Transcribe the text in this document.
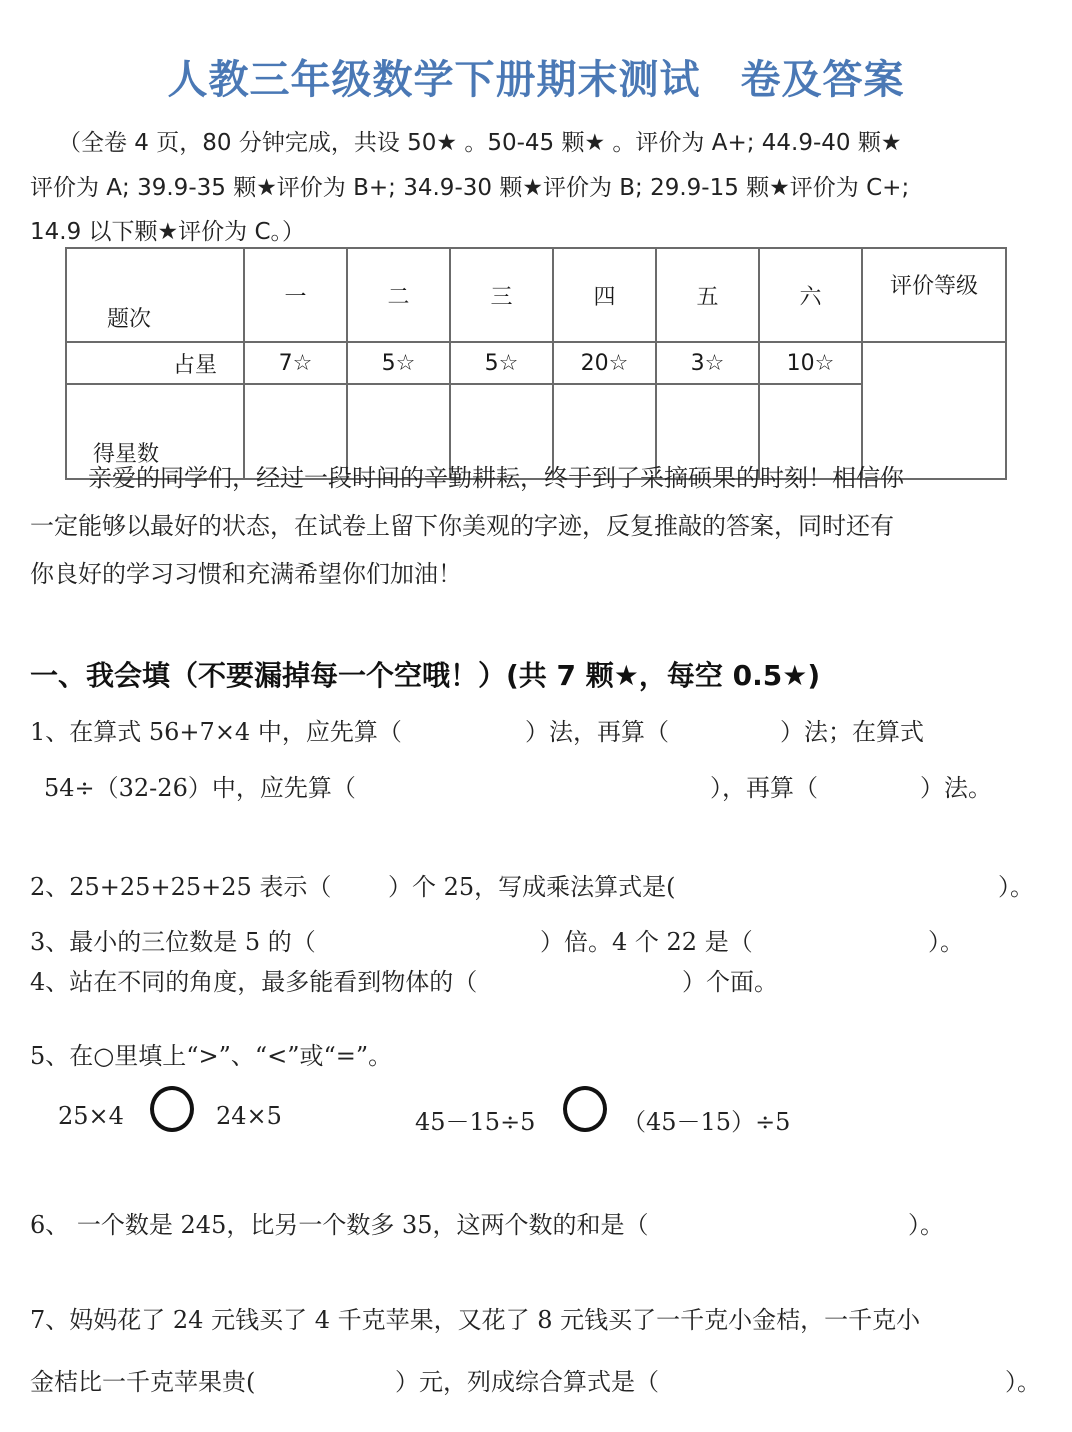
人教三年级数学下册期末测试 卷及答案
（全卷 4 页，80 分钟完成，共设 50★ 。50-45 颗★ 。评价为 A+; 44.9-40 颗★
评价为 A; 39.9-35 颗★评价为 B+; 34.9-30 颗★评价为 B; 29.9-15 颗★评价为 C+;
14.9 以下颗★评价为 C。）
题次	一	二	三	四	五	六	评价等级
占星	7☆	5☆	5☆	20☆	3☆	10☆	
得星数							
亲爱的同学们，经过一段时间的辛勤耕耘，终于到了采摘硕果的时刻！相信你
一定能够以最好的状态，在试卷上留下你美观的字迹，反复推敲的答案，同时还有
你良好的学习习惯和充满希望你们加油！
一、我会填（不要漏掉每一个空哦！）(共 7 颗★，每空 0.5★)
1、在算式 56+7×4 中，应先算（	）法，再算（	）法；在算式
54÷（32-26）中，应先算（	），再算（	）法。
2、25+25+25+25 表示（ ）个 25，写成乘法算式是(	）。
3、最小的三位数是 5 的（	）倍。4 个 22 是（	）。
4、站在不同的角度，最多能看到物体的（	）个面。
5、在○里填上“>”、“<”或“=”。
25×4	24×5	45－15÷5	（45－15）÷5
6、 一个数是 245，比另一个数多 35，这两个数的和是（	）。
7、妈妈花了 24 元钱买了 4 千克苹果，又花了 8 元钱买了一千克小金桔，一千克小
金桔比一千克苹果贵(	）元，列成综合算式是（	）。
